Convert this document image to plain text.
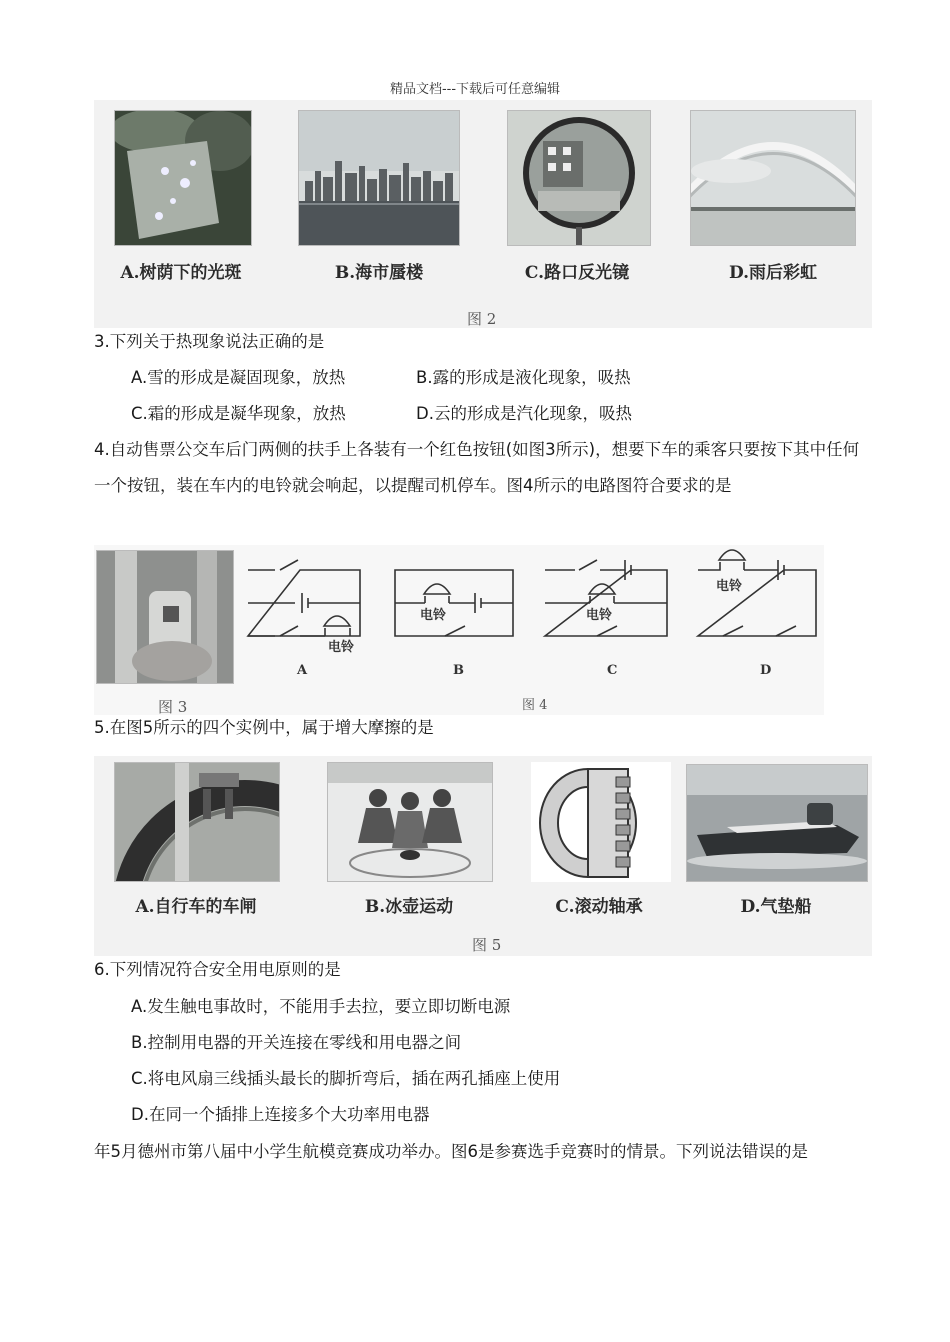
精品文档---下载后可任意编辑
A.树荫下的光斑	B.海市蜃楼	C.路口反光镜	D.雨后彩虹
图 2
3.下列关于热现象说法正确的是
A.雪的形成是凝固现象，放热	B.露的形成是液化现象，吸热
C.霜的形成是凝华现象，放热	D.云的形成是汽化现象，吸热
4.自动售票公交车后门两侧的扶手上各装有一个红色按钮(如图3所示)，想要下车的乘客只要按下其中任何一个按钮，装在车内的电铃就会响起，以提醒司机停车。图4所示的电路图符合要求的是
图 3
电铃
电铃	电铃
电铃
A	B	C	D
图 4
5.在图5所示的四个实例中，属于增大摩擦的是
A.自行车的车闸	B.冰壶运动	C.滚动轴承	D.气垫船
图 5
6.下列情况符合安全用电原则的是
A.发生触电事故时，不能用手去拉，要立即切断电源
B.控制用电器的开关连接在零线和用电器之间
C.将电风扇三线插头最长的脚折弯后，插在两孔插座上使用
D.在同一个插排上连接多个大功率用电器
年5月德州市第八届中小学生航模竞赛成功举办。图6是参赛选手竞赛时的情景。下列说法错误的是
